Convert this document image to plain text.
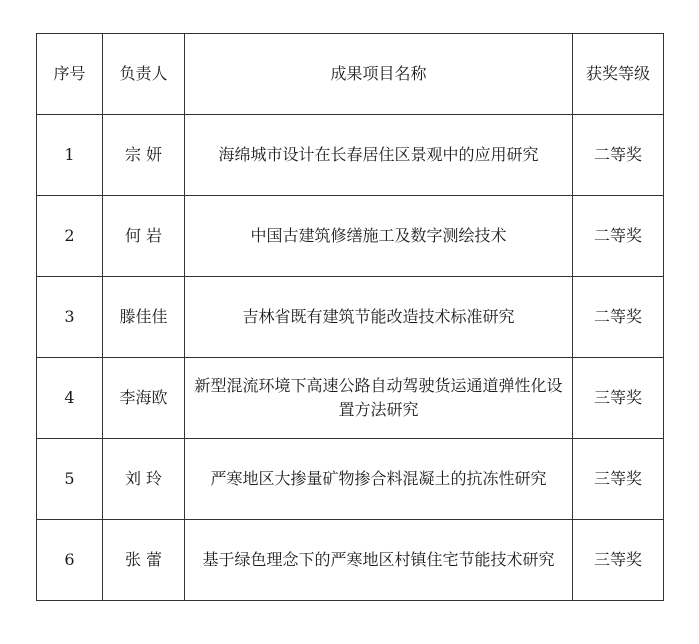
序号	负责人	成果项目名称	获奖等级
1	宗 妍	海绵城市设计在长春居住区景观中的应用研究	二等奖
2	何 岩	中国古建筑修缮施工及数字测绘技术	二等奖
3	滕佳佳	吉林省既有建筑节能改造技术标准研究	二等奖
4	李海欧	新型混流环境下高速公路自动驾驶货运通道弹性化设置方法研究	三等奖
5	刘 玲	严寒地区大掺量矿物掺合料混凝土的抗冻性研究	三等奖
6	张 蕾	基于绿色理念下的严寒地区村镇住宅节能技术研究	三等奖
